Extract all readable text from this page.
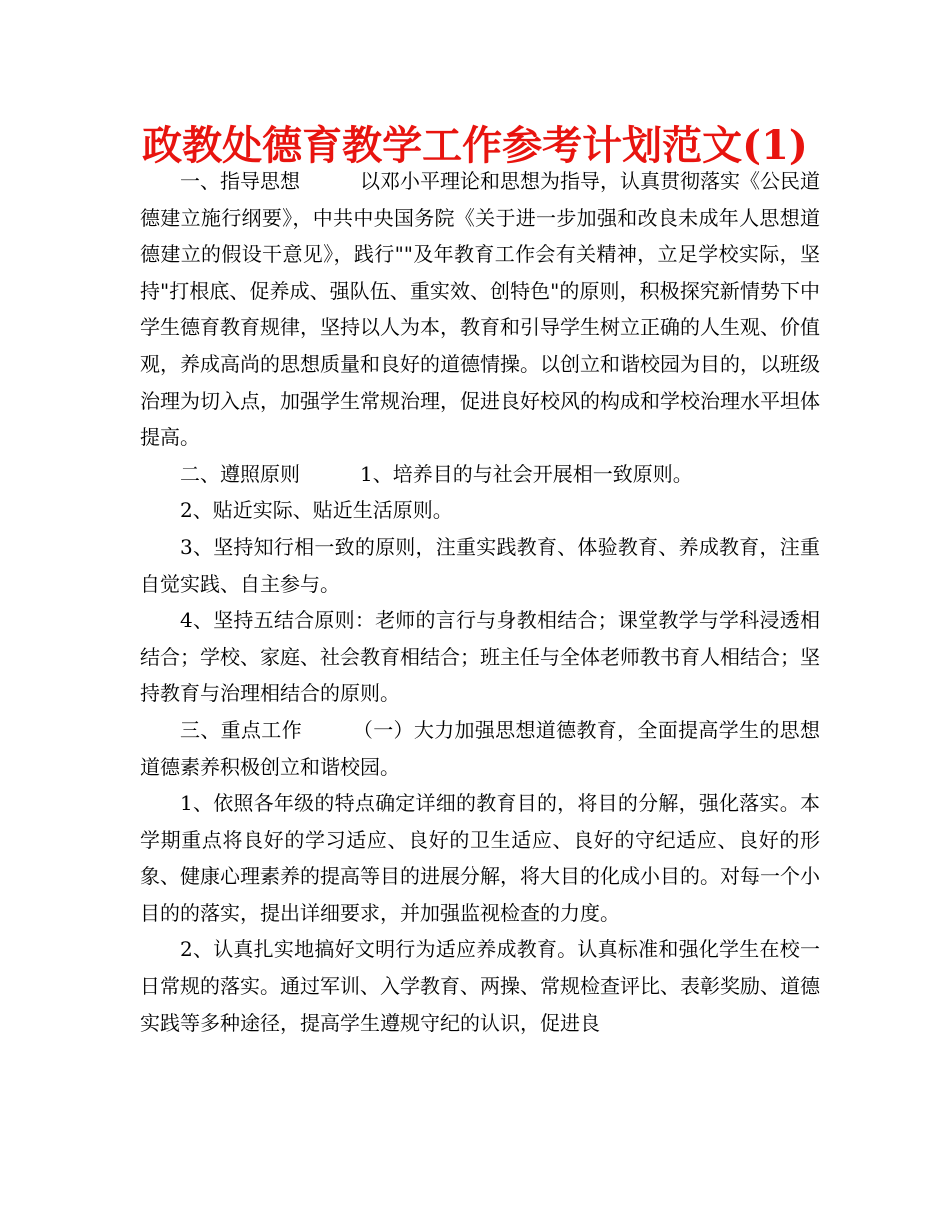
政教处德育教学工作参考计划范文(1)

一、指导思想　　　以邓小平理论和思想为指导，认真贯彻落实《公民道德建立施行纲要》，中共中央国务院《关于进一步加强和改良未成年人思想道德建立的假设干意见》，践行""及年教育工作会有关精神，立足学校实际，坚持"打根底、促养成、强队伍、重实效、创特色"的原则，积极探究新情势下中学生德育教育规律，坚持以人为本，教育和引导学生树立正确的人生观、价值观，养成高尚的思想质量和良好的道德情操。以创立和谐校园为目的，以班级治理为切入点，加强学生常规治理，促进良好校风的构成和学校治理水平坦体提高。

二、遵照原则　　　1、培养目的与社会开展相一致原则。

2、贴近实际、贴近生活原则。

3、坚持知行相一致的原则，注重实践教育、体验教育、养成教育，注重自觉实践、自主参与。

4、坚持五结合原则：老师的言行与身教相结合；课堂教学与学科浸透相结合；学校、家庭、社会教育相结合；班主任与全体老师教书育人相结合；坚持教育与治理相结合的原则。

三、重点工作　　　（一）大力加强思想道德教育，全面提高学生的思想道德素养积极创立和谐校园。

1、依照各年级的特点确定详细的教育目的，将目的分解，强化落实。本学期重点将良好的学习适应、良好的卫生适应、良好的守纪适应、良好的形象、健康心理素养的提高等目的进展分解，将大目的化成小目的。对每一个小目的的落实，提出详细要求，并加强监视检查的力度。

2、认真扎实地搞好文明行为适应养成教育。认真标准和强化学生在校一日常规的落实。通过军训、入学教育、两操、常规检查评比、表彰奖励、道德实践等多种途径，提高学生遵规守纪的认识，促进良
